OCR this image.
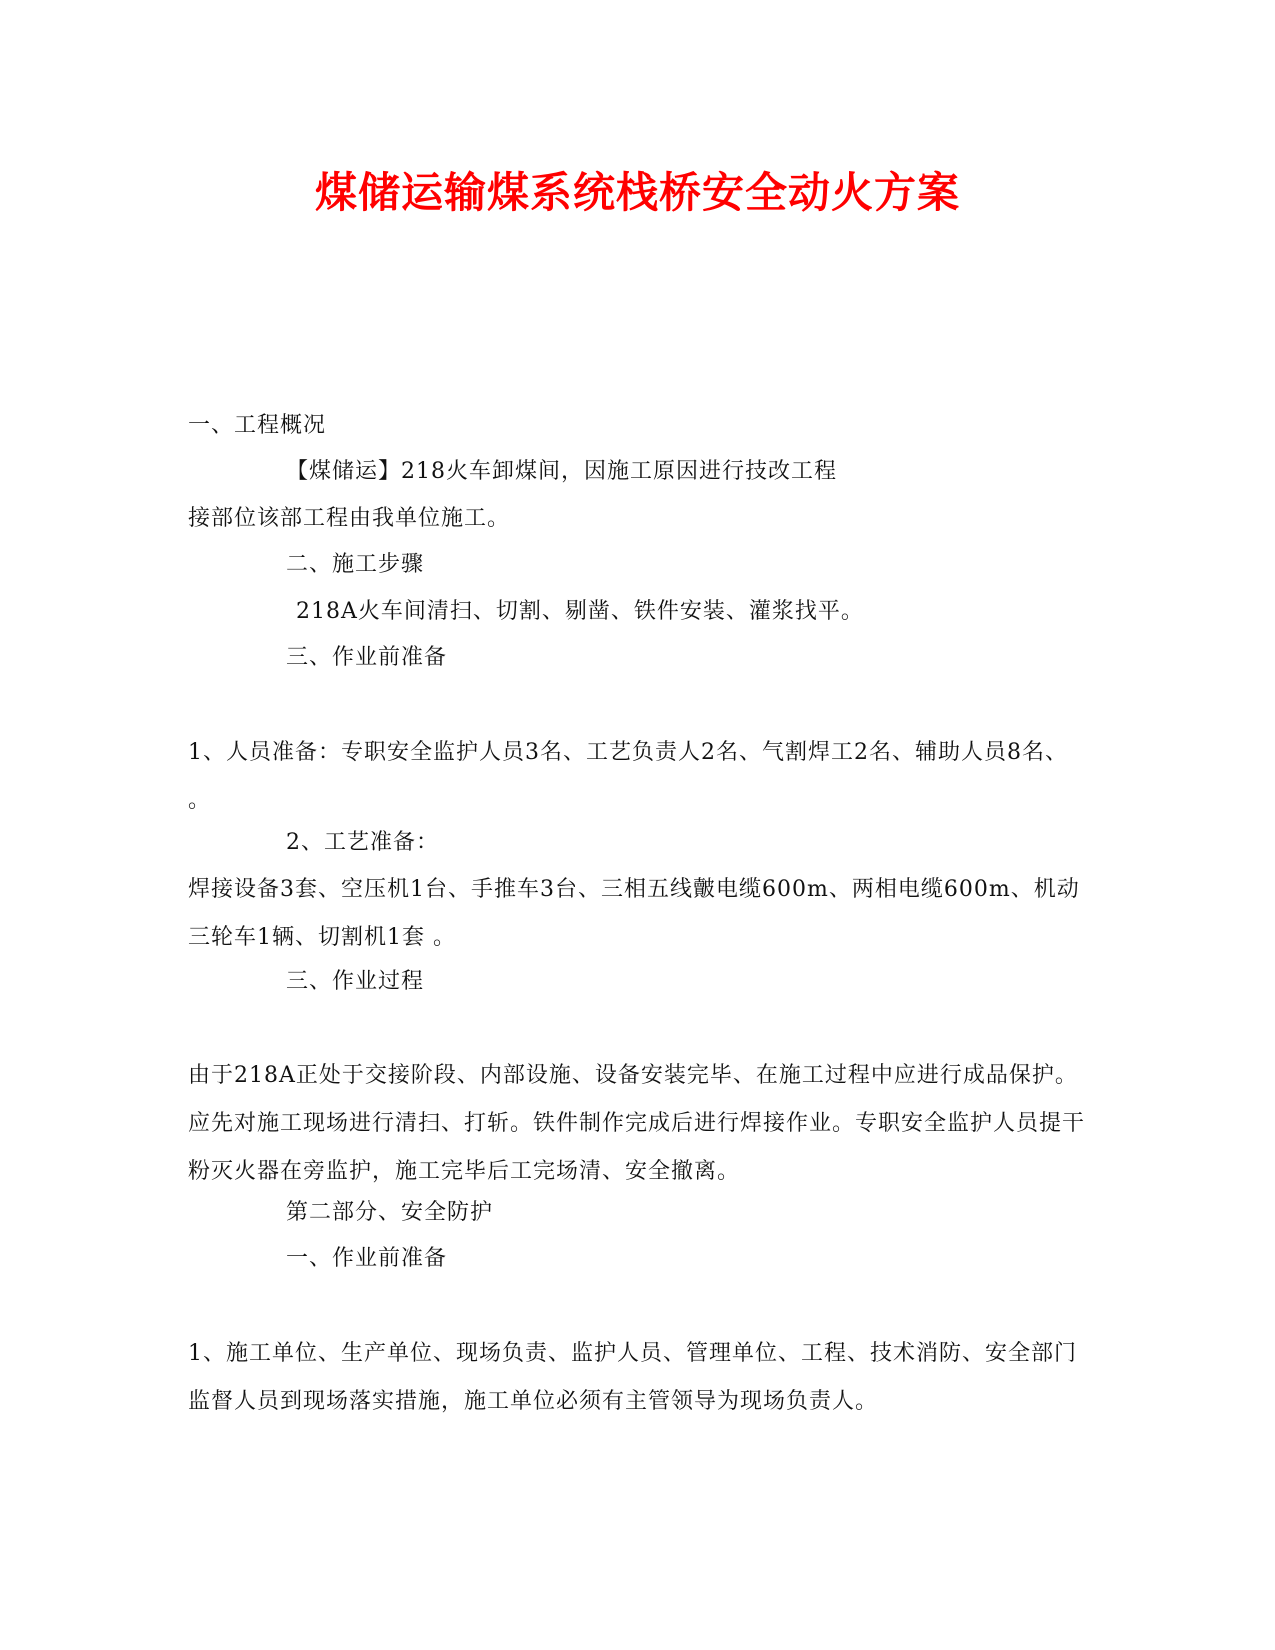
煤储运输煤系统栈桥安全动火方案
一、工程概况
【煤储运】218火车卸煤间，因施工原因进行技改工程
接部位该部工程由我单位施工。
二、施工步骤
218A火车间清扫、切割、剔凿、铁件安装、灌浆找平。
三、作业前准备
1、人员准备：专职安全监护人员3名、工艺负责人2名、气割焊工2名、辅助人员8名、 。
2、工艺准备：
焊接设备3套、空压机1台、手推车3台、三相五线皾电缆600m、两相电缆600m、机动三轮车1辆、切割机1套 。
三、作业过程
由于218A正处于交接阶段、内部设施、设备安装完毕、在施工过程中应进行成品保护。应先对施工现场进行清扫、打斩。铁件制作完成后进行焊接作业。专职安全监护人员提干粉灭火器在旁监护，施工完毕后工完场清、安全撤离。
第二部分、安全防护
一、作业前准备
1、施工单位、生产单位、现场负责、监护人员、管理单位、工程、技术消防、安全部门监督人员到现场落实措施，施工单位必须有主管领导为现场负责人。
